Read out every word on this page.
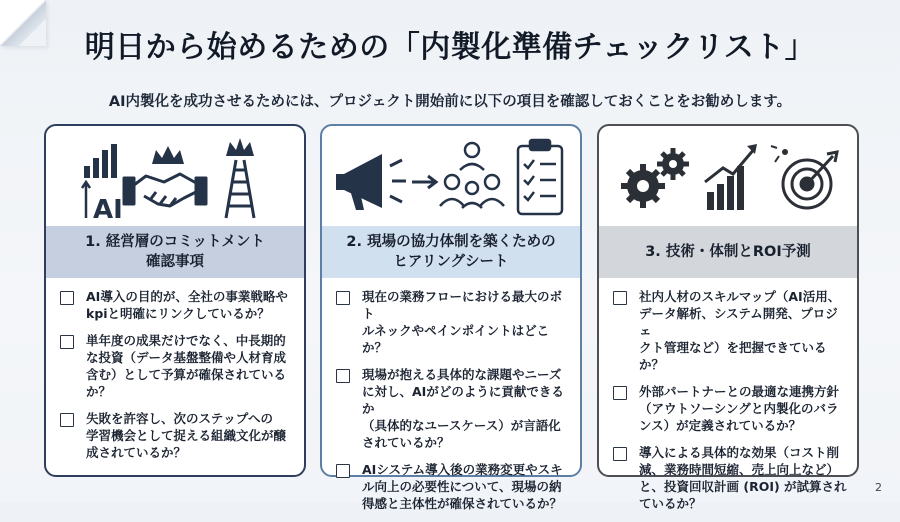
明日から始めるための「内製化準備チェックリスト」
AI内製化を成功させるためには、プロジェクト開始前に以下の項目を確認しておくことをお勧めします。
AI
1. 経営層のコミットメント
確認事項
AI導入の目的が、全社の事業戦略や
kpiと明確にリンクしているか？
単年度の成果だけでなく、中長期的
な投資（データ基盤整備や人材育成
含む）として予算が確保されている
か？
失敗を許容し、次のステップへの
学習機会として捉える組織文化が醸
成されているか？
2. 現場の協力体制を築くための
ヒアリングシート
現在の業務フローにおける最大のボト
ルネックやペインポイントはどこか？
現場が抱える具体的な課題やニーズ
に対し、AIがどのように貢献できるか
（具体的なユースケース）が言語化
されているか？
AIシステム導入後の業務変更やスキ
ル向上の必要性について、現場の納
得感と主体性が確保されているか？
3. 技術・体制とROI予測
社内人材のスキルマップ（AI活用、
データ解析、システム開発、プロジェ
クト管理など）を把握できているか？
外部パートナーとの最適な連携方針
（アウトソーシングと内製化のバラ
ンス）が定義されているか？
導入による具体的な効果（コスト削
減、業務時間短縮、売上向上など）
と、投資回収計画 (ROI) が試算され
ているか？
2
